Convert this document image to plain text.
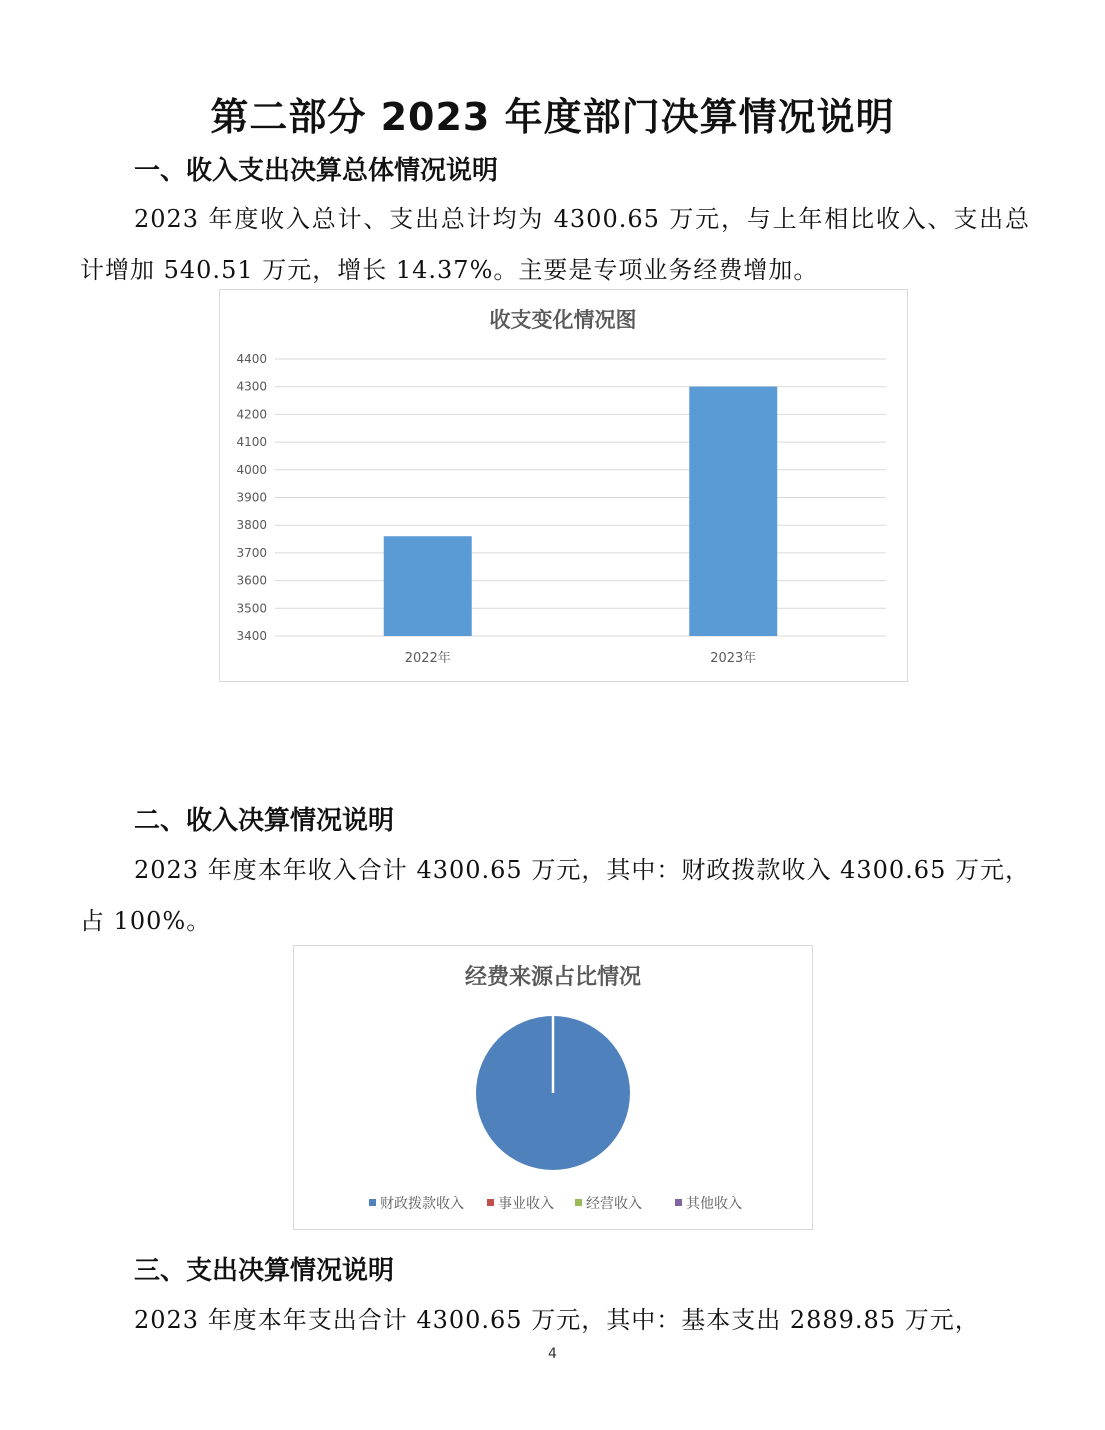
第二部分 2023 年度部门决算情况说明
一、收入支出决算总体情况说明

2023 年度收入总计、支出总计均为 4300.65 万元，与上年相比收入、支出总计增加 540.51 万元，增长 14.37%。主要是专项业务经费增加。

收支变化情况图
3400
3500
3600
3700
3800
3900
4000
4100
4200
4300
4400
2022年	2023年
二、收入决算情况说明

2023 年度本年收入合计 4300.65 万元，其中：财政拨款收入 4300.65 万元，占 100%。

经费来源占比情况
财政拨款收入 事业收入 经营收入	其他收入
三、支出决算情况说明

2023 年度本年支出合计 4300.65 万元，其中：基本支出 2889.85 万元，

4
